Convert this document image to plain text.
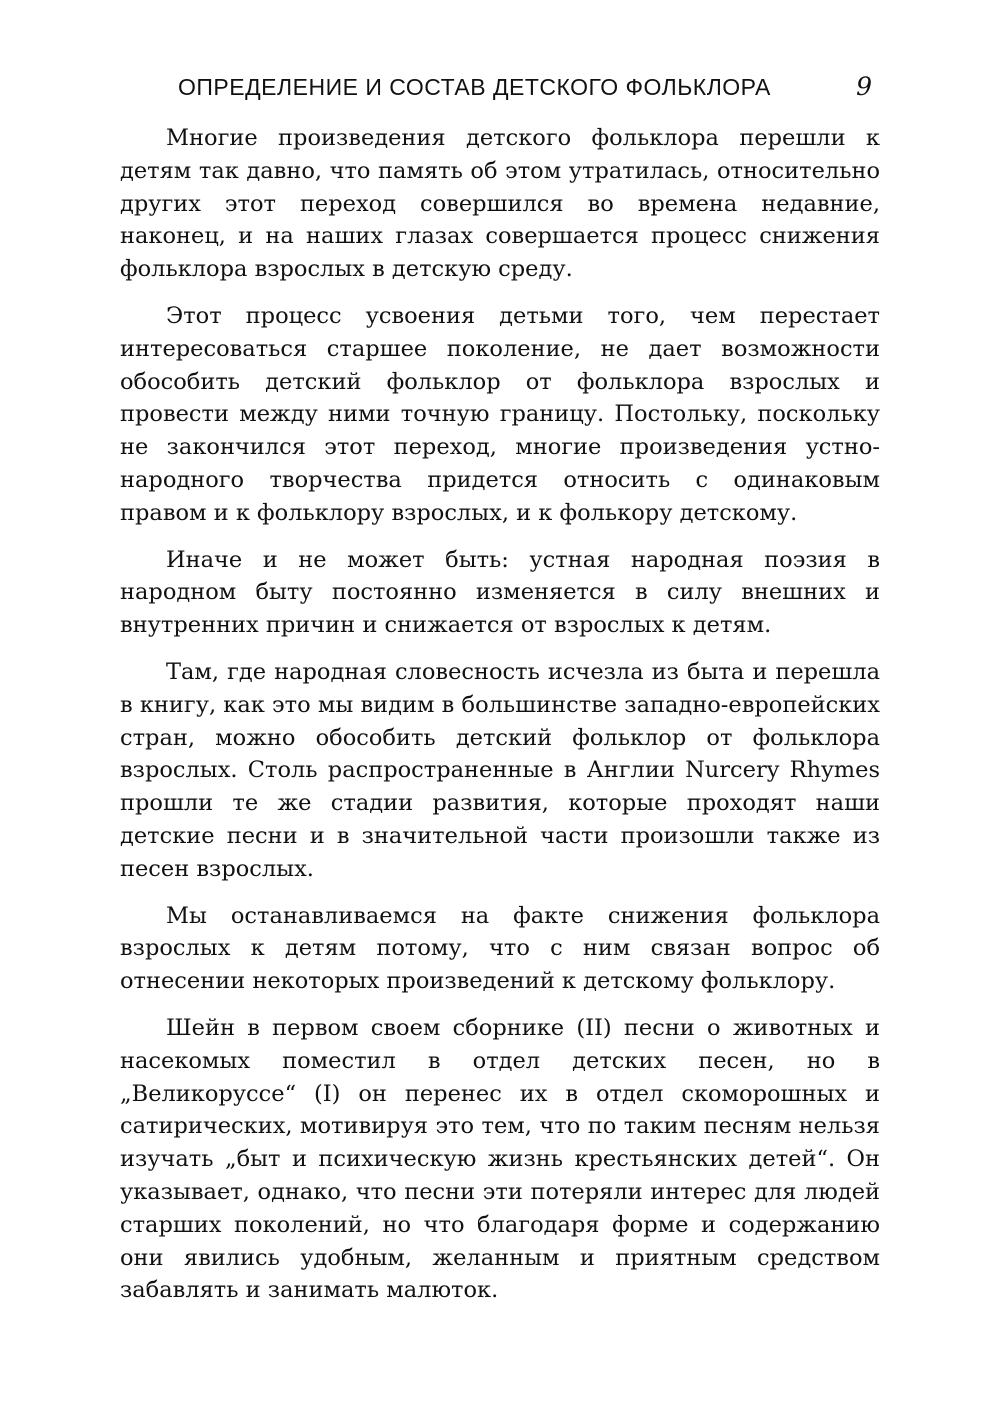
ОПРЕДЕЛЕНИЕ И СОСТАВ ДЕТСКОГО ФОЛЬКЛОРА	9

Многие произведения детского фольклора перешли к детям так давно, что память об этом утратилась, относительно других этот переход совершился во времена недавние, наконец, и на наших глазах совершается процесс снижения фольклора взрослых в детскую среду.

Этот процесс усвоения детьми того, чем перестает интересоваться старшее поколение, не дает возможности обособить детский фольклор от фольклора взрослых и провести между ними точную границу. Постольку, поскольку не закончился этот переход, многие произведения устно-народного творчества придется относить с одинаковым правом и к фольклору взрослых, и к фолькору детскому.

Иначе и не может быть: устная народная поэзия в народном быту постоянно изменяется в силу внешних и внутренних причин и снижается от взрослых к детям.

Там, где народная словесность исчезла из быта и перешла в книгу, как это мы видим в большинстве западно-европейских стран, можно обособить детский фольклор от фольклора взрослых. Столь распространенные в Англии Nurcery Rhymes прошли те же стадии развития, которые проходят наши детские песни и в значительной части произошли также из песен взрослых.

Мы останавливаемся на факте снижения фольклора взрослых к детям потому, что с ним связан вопрос об отнесении некоторых произведений к детскому фольклору.

Шейн в первом своем сборнике (II) песни о животных и насекомых поместил в отдел детских песен, но в „Великоруссе“ (I) он перенес их в отдел скоморошных и сатирических, мотивируя это тем, что по таким песням нельзя изучать „быт и психическую жизнь крестьянских детей“. Он указывает, однако, что песни эти потеряли интерес для людей старших поколений, но что благодаря форме и содержанию они явились удобным, желанным и приятным средством забавлять и занимать малюток.
